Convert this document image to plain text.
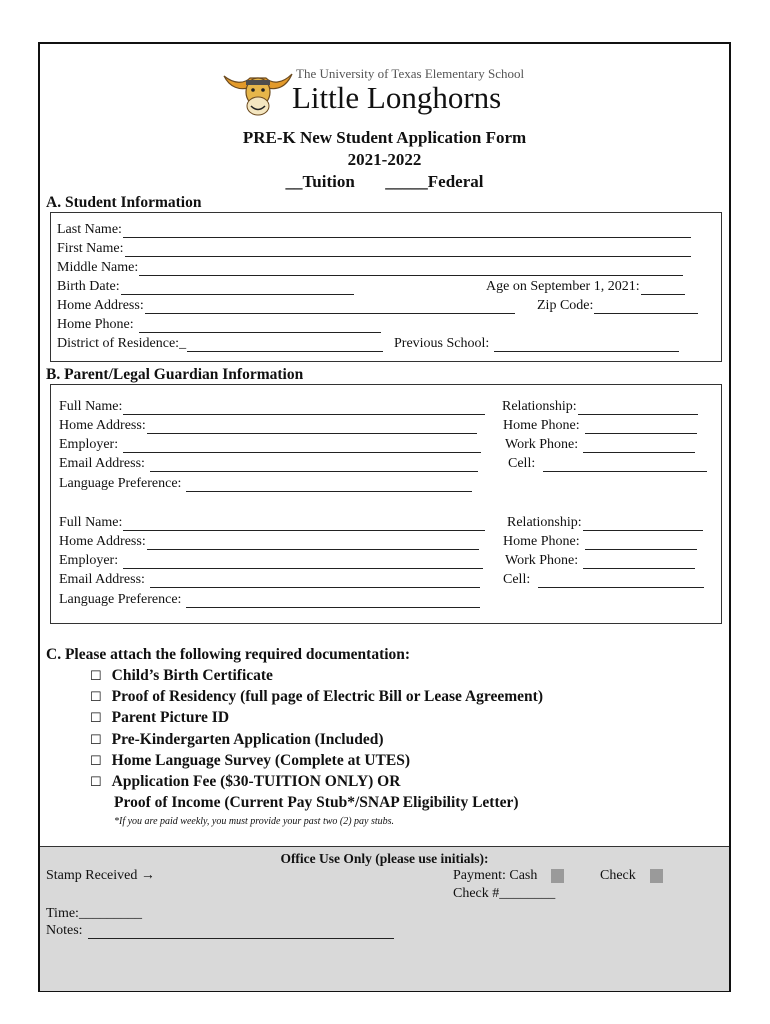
The University of Texas Elementary School
Little Longhorns
PRE-K New Student Application Form
2021-2022
__Tuition _____Federal
A. Student Information
Last Name:
First Name:
Middle Name:
Birth Date:	Age on September 1, 2021:
Home Address:	Zip Code:
Home Phone:
District of Residence:_	Previous School:
B. Parent/Legal Guardian Information
Full Name:	Relationship:
Home Address:	Home Phone:
Employer:	Work Phone:
Email Address:	Cell:
Language Preference:
Full Name:	Relationship:
Home Address:	Home Phone:
Employer:	Work Phone:
Email Address:	Cell:
Language Preference:
C. Please attach the following required documentation:
☐ Child’s Birth Certificate
☐ Proof of Residency (full page of Electric Bill or Lease Agreement)
☐ Parent Picture ID
☐ Pre-Kindergarten Application (Included)
☐ Home Language Survey (Complete at UTES)
☐ Application Fee ($30-TUITION ONLY) OR
Proof of Income (Current Pay Stub*/SNAP Eligibility Letter)
*If you are paid weekly, you must provide your past two (2) pay stubs.
Office Use Only (please use initials):
Stamp Received →	Payment: Cash	Check
Check #________
Time:_________
Notes:
